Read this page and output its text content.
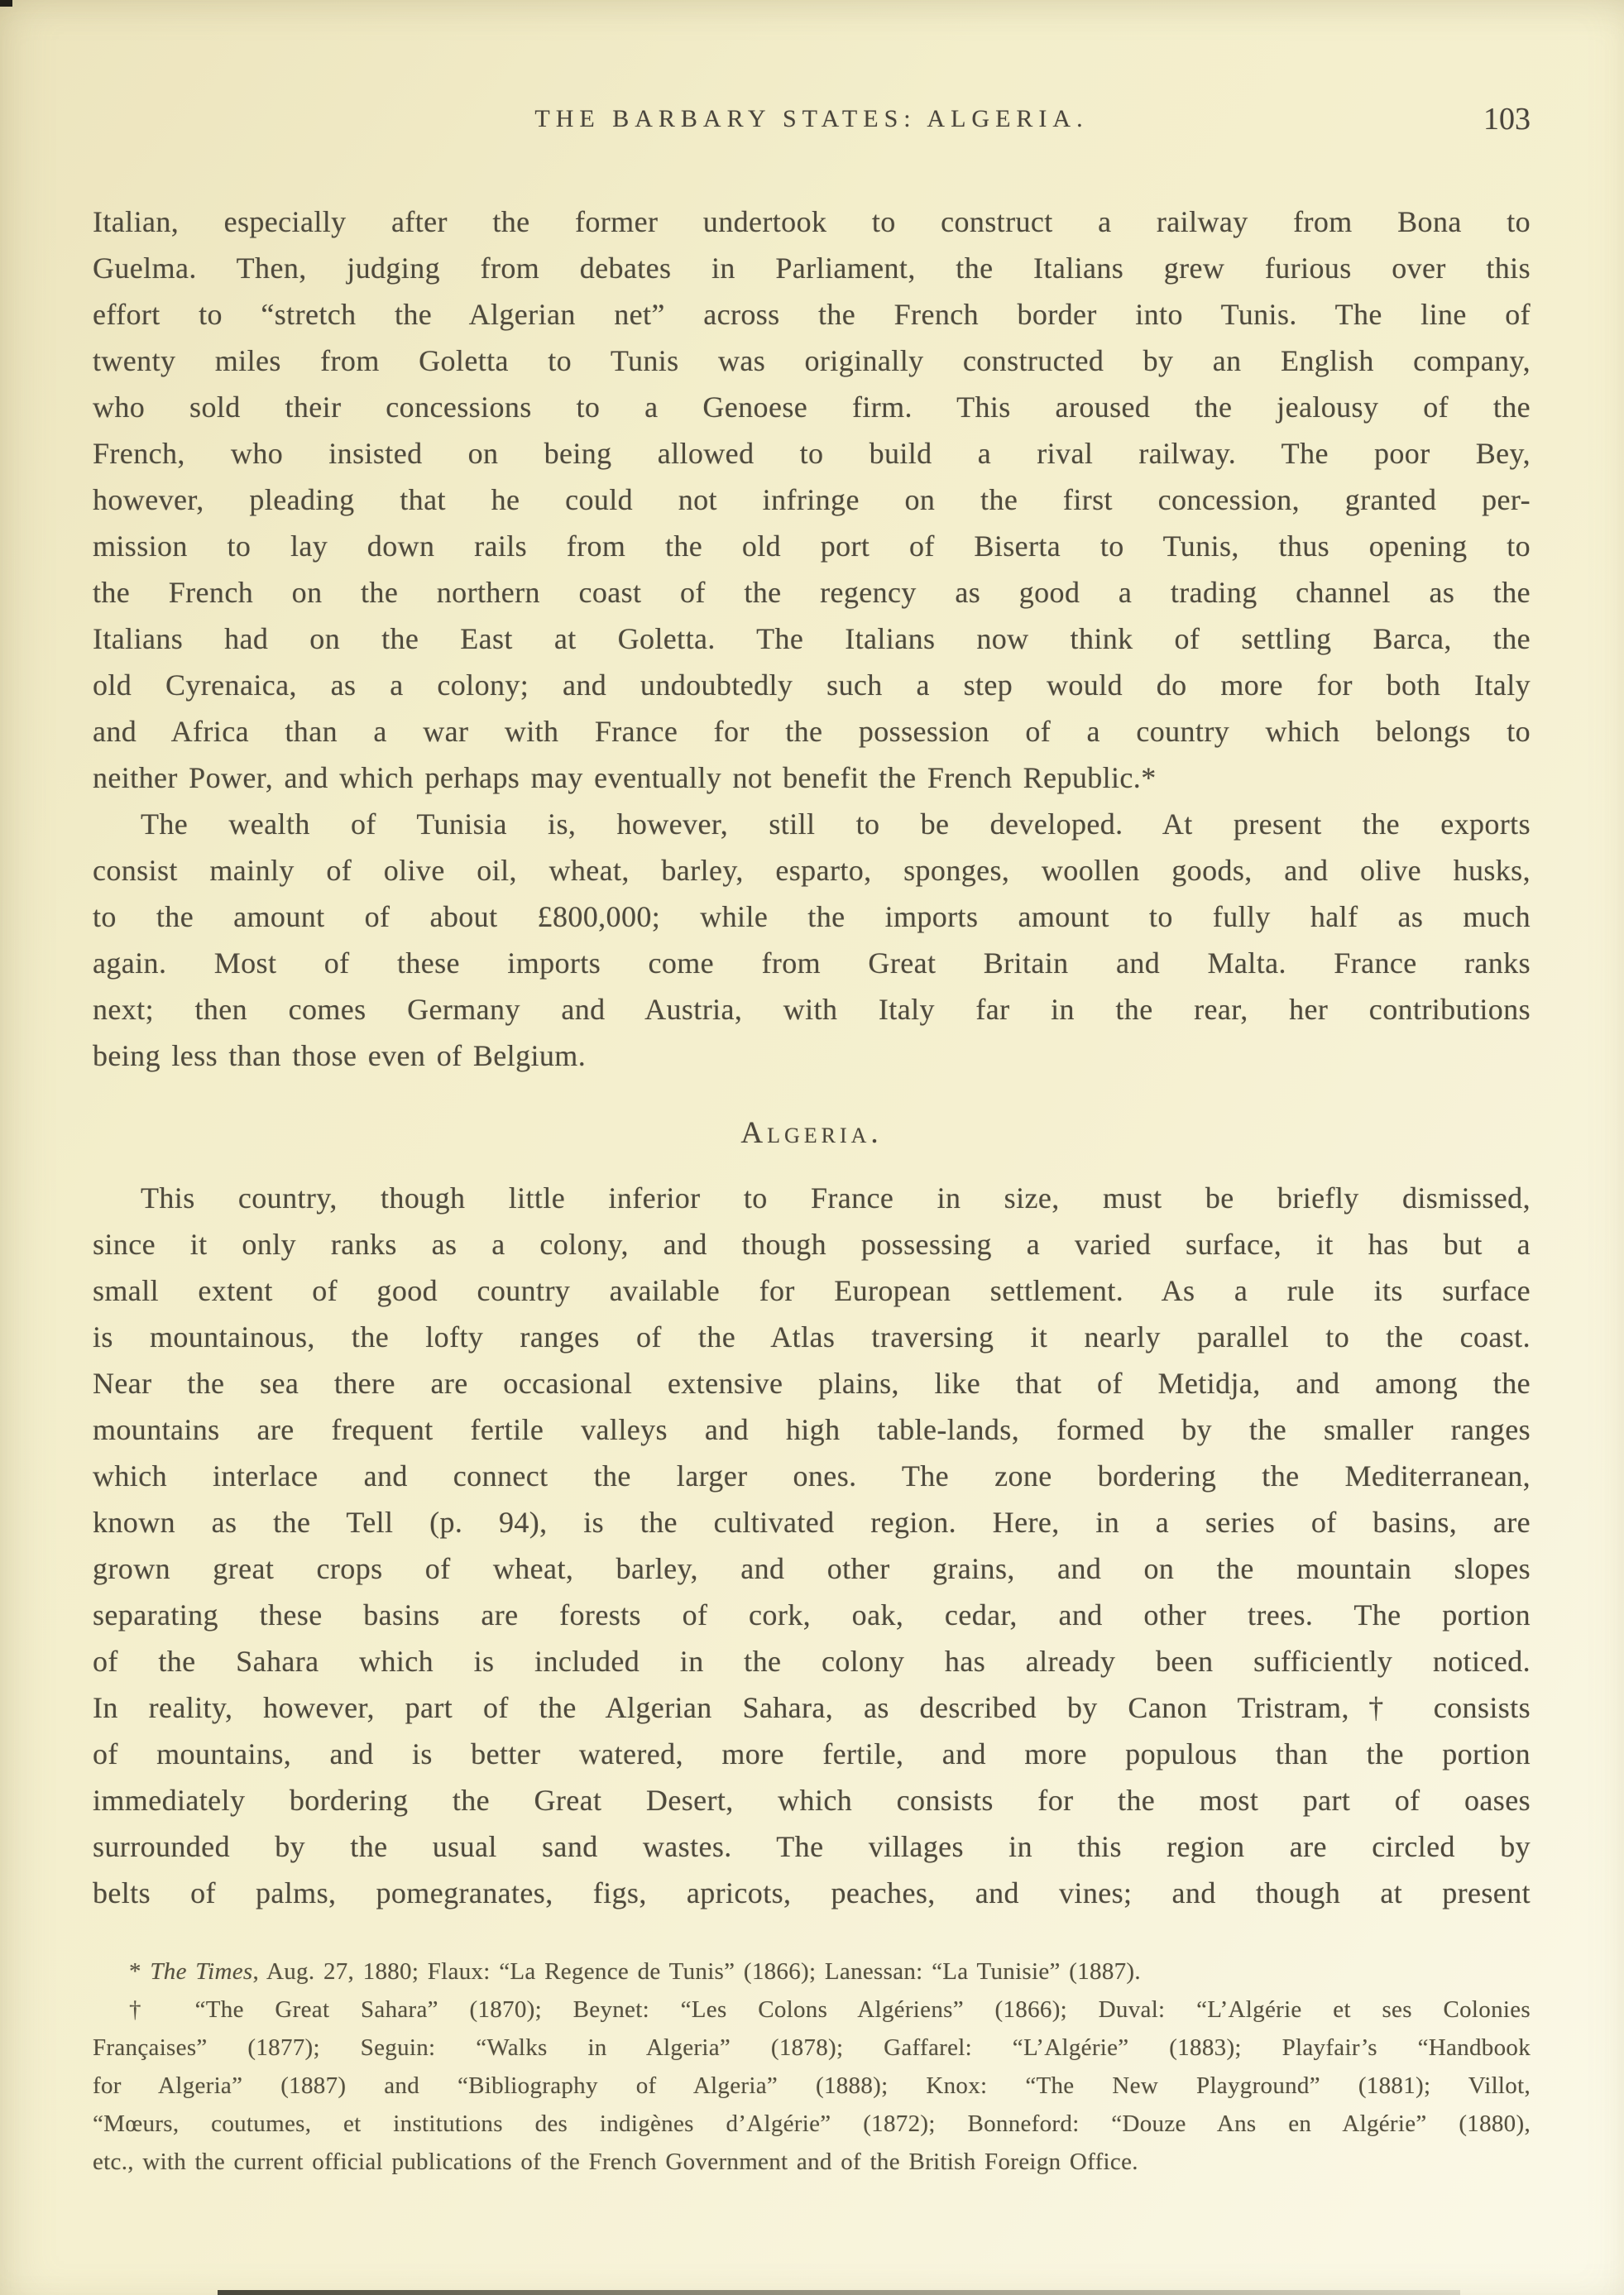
THE BARBARY STATES: ALGERIA.	103
Italian, especially after the former undertook to construct a railway from Bona to
Guelma. Then, judging from debates in Parliament, the Italians grew furious over this
effort to “stretch the Algerian net” across the French border into Tunis. The line of
twenty miles from Goletta to Tunis was originally constructed by an English company,
who sold their concessions to a Genoese firm. This aroused the jealousy of the
French, who insisted on being allowed to build a rival railway. The poor Bey,
however, pleading that he could not infringe on the first concession, granted per-
mission to lay down rails from the old port of Biserta to Tunis, thus opening to
the French on the northern coast of the regency as good a trading channel as the
Italians had on the East at Goletta. The Italians now think of settling Barca, the
old Cyrenaica, as a colony; and undoubtedly such a step would do more for both Italy
and Africa than a war with France for the possession of a country which belongs to
neither Power, and which perhaps may eventually not benefit the French Republic.*
The wealth of Tunisia is, however, still to be developed. At present the exports
consist mainly of olive oil, wheat, barley, esparto, sponges, woollen goods, and olive husks,
to the amount of about £800,000; while the imports amount to fully half as much
again. Most of these imports come from Great Britain and Malta. France ranks
next; then comes Germany and Austria, with Italy far in the rear, her contributions
being less than those even of Belgium.
Algeria.
This country, though little inferior to France in size, must be briefly dismissed,
since it only ranks as a colony, and though possessing a varied surface, it has but a
small extent of good country available for European settlement. As a rule its surface
is mountainous, the lofty ranges of the Atlas traversing it nearly parallel to the coast.
Near the sea there are occasional extensive plains, like that of Metidja, and among the
mountains are frequent fertile valleys and high table-lands, formed by the smaller ranges
which interlace and connect the larger ones. The zone bordering the Mediterranean,
known as the Tell (p. 94), is the cultivated region. Here, in a series of basins, are
grown great crops of wheat, barley, and other grains, and on the mountain slopes
separating these basins are forests of cork, oak, cedar, and other trees. The portion
of the Sahara which is included in the colony has already been sufficiently noticed.
In reality, however, part of the Algerian Sahara, as described by Canon Tristram,† consists
of mountains, and is better watered, more fertile, and more populous than the portion
immediately bordering the Great Desert, which consists for the most part of oases
surrounded by the usual sand wastes. The villages in this region are circled by
belts of palms, pomegranates, figs, apricots, peaches, and vines; and though at present
* The Times, Aug. 27, 1880; Flaux: “La Regence de Tunis” (1866); Lanessan: “La Tunisie” (1887).
† “The Great Sahara” (1870); Beynet: “Les Colons Algériens” (1866); Duval: “L’Algérie et ses Colonies
Françaises” (1877); Seguin: “Walks in Algeria” (1878); Gaffarel: “L’Algérie” (1883); Playfair’s “Handbook
for Algeria” (1887) and “Bibliography of Algeria” (1888); Knox: “The New Playground” (1881); Villot,
“Mœurs, coutumes, et institutions des indigènes d’Algérie” (1872); Bonneford: “Douze Ans en Algérie” (1880),
etc., with the current official publications of the French Government and of the British Foreign Office.
